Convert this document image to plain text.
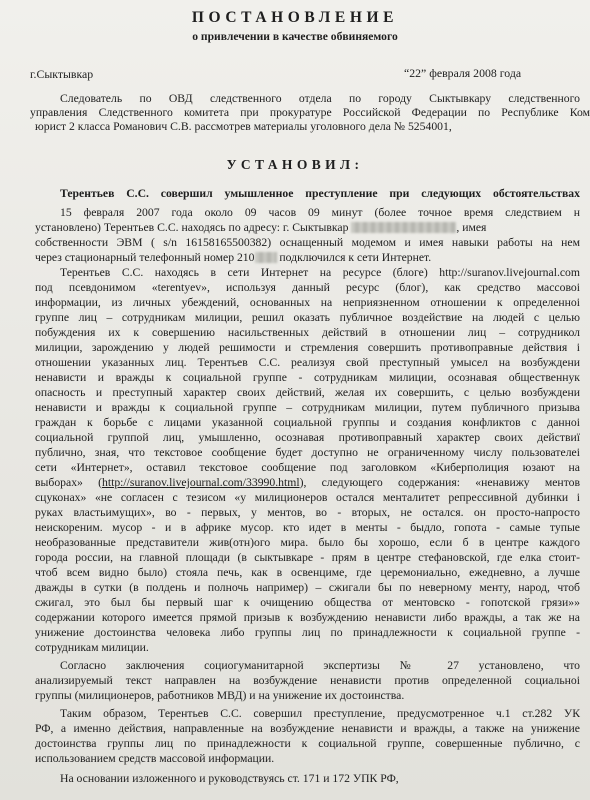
ПОСТАНОВЛЕНИЕ
о привлечении в качестве обвиняемого
г.Сыктывкар	“22” февраля 2008 года
Следователь по ОВД следственного отдела по городу Сыктывкару следственного
управления Следственного комитета при прокуратуре Российской Федерации по Республике Ком
юрист 2 класса Романович С.В. рассмотрев материалы уголовного дела № 5254001,
УСТАНОВИЛ:
Терентьев С.С. совершил умышленное преступление при следующих обстоятельствах
15 февраля 2007 года около 09 часов 09 минут (более точное время следствием н
установлено) Терентьев С.С. находясь по адресу: г. Сыктывкар	, имея
собственности ЭВМ ( s/n 16158165500382) оснащенный модемом и имея навыки работы на нем
через стационарный телефонный номер 210 подключился к сети Интернет.
Терентьев С.С. находясь в сети Интернет на ресурсе (блоге) http://suranov.livejournal.com
под псевдонимом «terentyev», используя данный ресурс (блог), как средство массовоі
информации, из личных убеждений, основанных на неприязненном отношении к определенноі
группе лиц – сотрудникам милиции, решил оказать публичное воздействие на людей с целью
побуждения их к совершению насильственных действий в отношении лиц – сотрудникол
милиции, зарождению у людей решимости и стремления совершить противоправные действия і
отношении указанных лиц. Терентьев С.С. реализуя свой преступный умысел на возбуждени
ненависти и вражды к социальной группе - сотрудникам милиции, осознавая общественнук
опасность и преступный характер своих действий, желая их совершить, с целью возбуждени
ненависти и вражды к социальной группе – сотрудникам милиции, путем публичного призыва
граждан к борьбе с лицами указанной социальной группы и создания конфликтов с данноі
социальной группой лиц, умышленно, осознавая противоправный характер своих действиї
публично, зная, что текстовое сообщение будет доступно не ограниченному числу пользователеі
сети «Интернет», оставил текстовое сообщение под заголовком «Киберполиция юзают на
выборах» (http://suranov.livejournal.com/33990.html), следующего содержания: «ненавижу ментов
сцуконах» «не согласен с тезисом «у милиционеров остался менталитет репрессивной дубинки і
руках властьимущих», во - первых, у ментов, во - вторых, не остался. он просто-напросто
неискореним. мусор - и в африке мусор. кто идет в менты - быдло, гопота - самые тупые
необразованные представители жив(отн)ого мира. было бы хорошо, если б в центре каждого
города россии, на главной площади (в сыктывкаре - прям в центре стефановской, где елка стоит-
чтоб всем видно было) стояла печь, как в освенциме, где церемониально, ежедневно, а лучше
дважды в сутки (в полдень и полночь например) – сжигали бы по неверному менту, народ, чтоб
сжигал, это был бы первый шаг к очищению общества от ментовско - гопотской грязи»»
содержании которого имеется прямой призыв к возбуждению ненависти либо вражды, а так же на
унижение достоинства человека либо группы лиц по принадлежности к социальной группе -
сотрудникам милиции.
Согласно заключения социогуманитарной экспертизы № 27 установлено, что
анализируемый текст направлен на возбуждение ненависти против определенной социальноі
группы (милиционеров, работников МВД) и на унижение их достоинства.
Таким образом, Терентьев С.С. совершил преступление, предусмотренное ч.1 ст.282 УК
РФ, а именно действия, направленные на возбуждение ненависти и вражды, а также на унижение
достоинства группы лиц по принадлежности к социальной группе, совершенные публично, с
использованием средств массовой информации.
На основании изложенного и руководствуясь ст. 171 и 172 УПК РФ,
